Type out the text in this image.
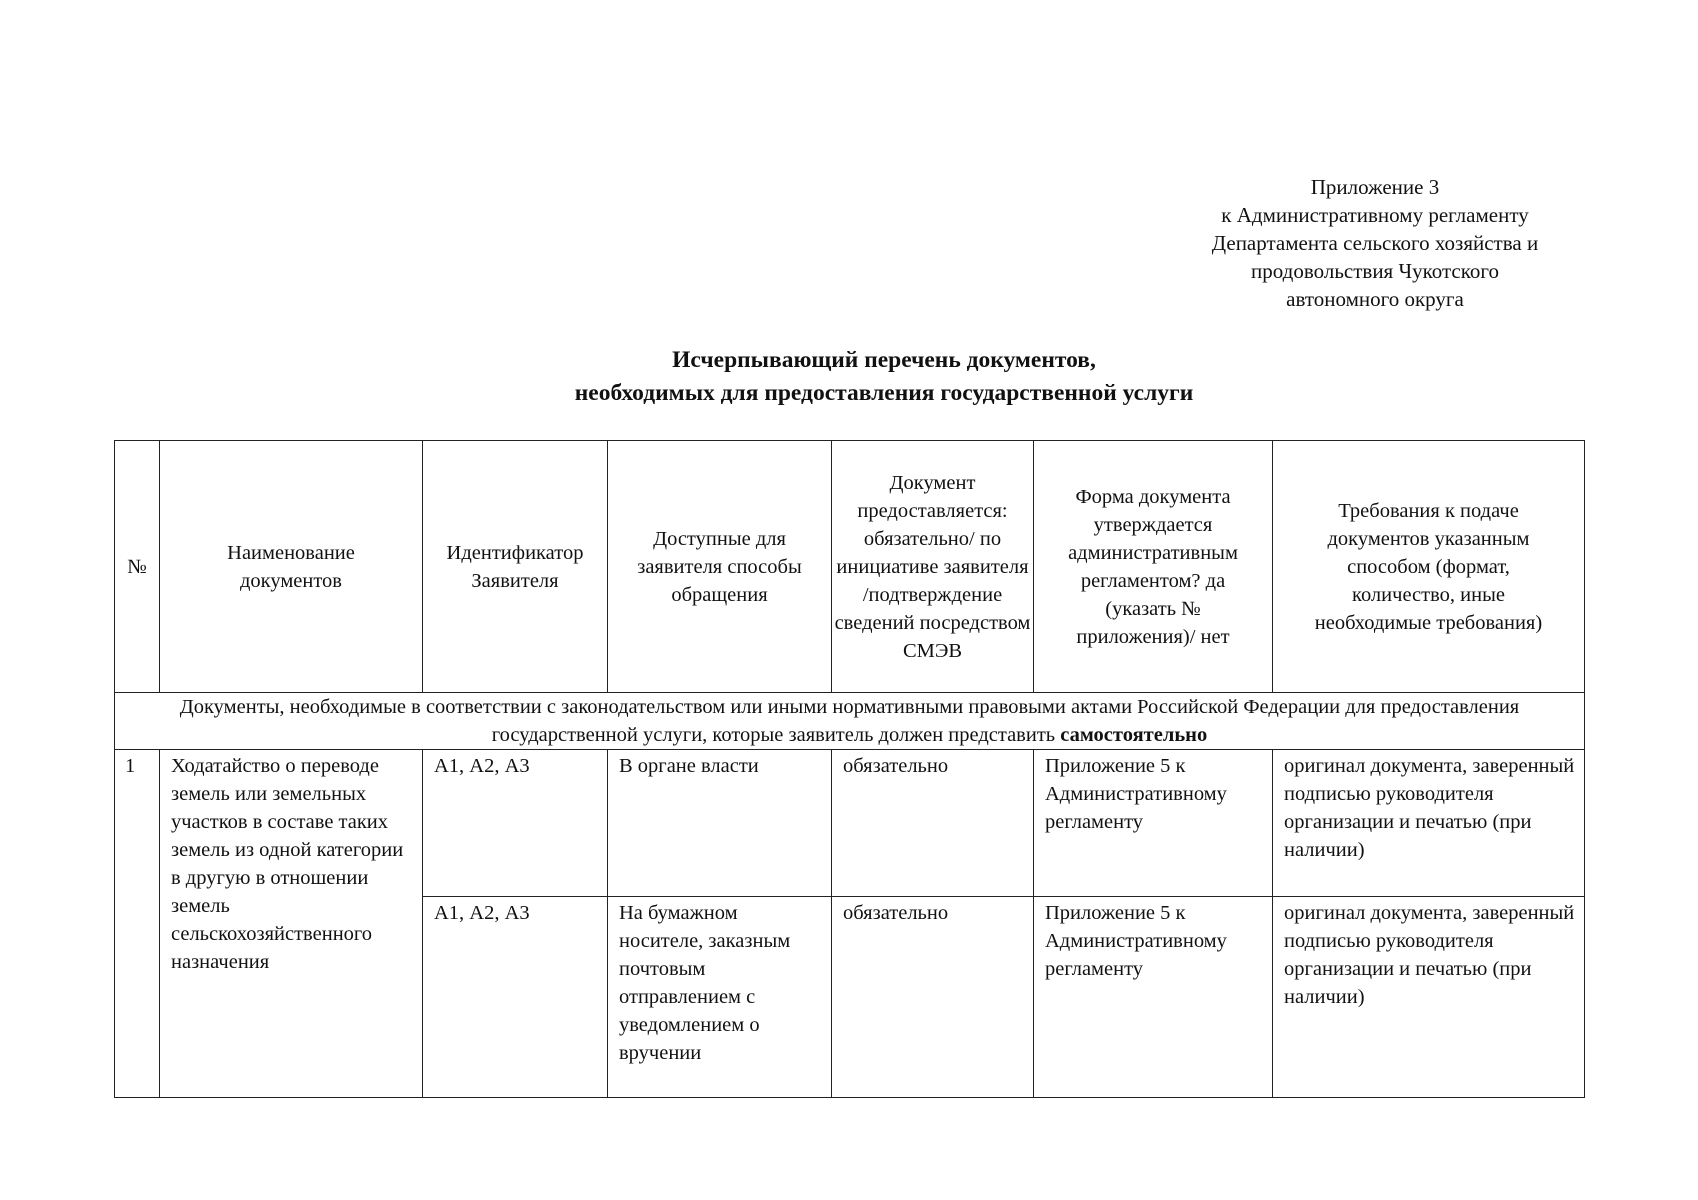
Приложение 3
к Административному регламенту
Департамента сельского хозяйства и
продовольствия Чукотского
автономного округа
Исчерпывающий перечень документов,
необходимых для предоставления государственной услуги
№	Наименование документов	Идентификатор Заявителя	Доступные для заявителя способы обращения	Документ предоставляется: обязательно/ по инициативе заявителя /подтверждение сведений посредством СМЭВ	Форма документа утверждается административным регламентом? да (указать № приложения)/ нет	Требования к подаче документов указанным способом (формат, количество, иные необходимые требования)
Документы, необходимые в соответствии с законодательством или иными нормативными правовыми актами Российской Федерации для предоставления государственной услуги, которые заявитель должен представить самостоятельно						
1	Ходатайство о переводе земель или земельных участков в составе таких земель из одной категории в другую в отношении земель сельскохозяйственного назначения	А1, А2, А3	В органе власти	обязательно	Приложение 5 к Административному регламенту	оригинал документа, заверенный подписью руководителя организации и печатью (при наличии)
		А1, А2, А3	На бумажном носителе, заказным почтовым отправлением с уведомлением о вручении	обязательно	Приложение 5 к Административному регламенту	оригинал документа, заверенный подписью руководителя организации и печатью (при наличии)
